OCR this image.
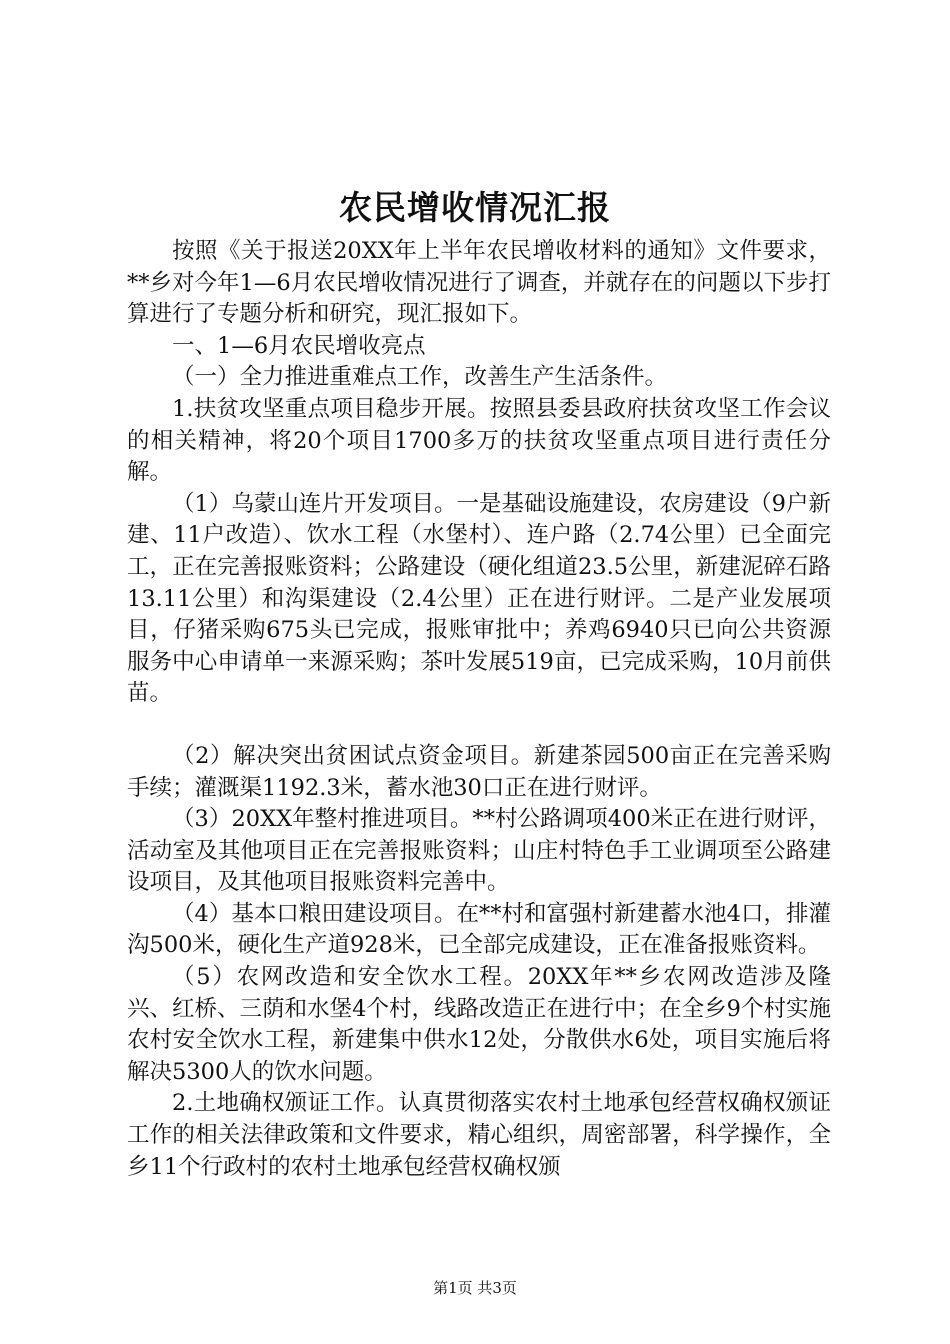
农民增收情况汇报

按照《关于报送20XX年上半年农民增收材料的通知》文件要求，**乡对今年1—6月农民增收情况进行了调查，并就存在的问题以下步打算进行了专题分析和研究，现汇报如下。

一、1—6月农民增收亮点

（一）全力推进重难点工作，改善生产生活条件。

1.扶贫攻坚重点项目稳步开展。按照县委县政府扶贫攻坚工作会议的相关精神，将20个项目1700多万的扶贫攻坚重点项目进行责任分解。

（1）乌蒙山连片开发项目。一是基础设施建设，农房建设（9户新建、11户改造）、饮水工程（水堡村）、连户路（2.74公里）已全面完工，正在完善报账资料；公路建设（硬化组道23.5公里，新建泥碎石路13.11公里）和沟渠建设（2.4公里）正在进行财评。二是产业发展项目，仔猪采购675头已完成，报账审批中；养鸡6940只已向公共资源服务中心申请单一来源采购；茶叶发展519亩，已完成采购，10月前供苗。

（2）解决突出贫困试点资金项目。新建茶园500亩正在完善采购手续；灌溉渠1192.3米，蓄水池30口正在进行财评。

（3）20XX年整村推进项目。**村公路调项400米正在进行财评，活动室及其他项目正在完善报账资料；山庄村特色手工业调项至公路建设项目，及其他项目报账资料完善中。

（4）基本口粮田建设项目。在**村和富强村新建蓄水池4口，排灌沟500米，硬化生产道928米，已全部完成建设，正在准备报账资料。

（5）农网改造和安全饮水工程。20XX年**乡农网改造涉及隆兴、红桥、三荫和水堡4个村，线路改造正在进行中；在全乡9个村实施农村安全饮水工程，新建集中供水12处，分散供水6处，项目实施后将解决5300人的饮水问题。

2.土地确权颁证工作。认真贯彻落实农村土地承包经营权确权颁证工作的相关法律政策和文件要求，精心组织，周密部署，科学操作，全乡11个行政村的农村土地承包经营权确权颁

第1页 共3页
